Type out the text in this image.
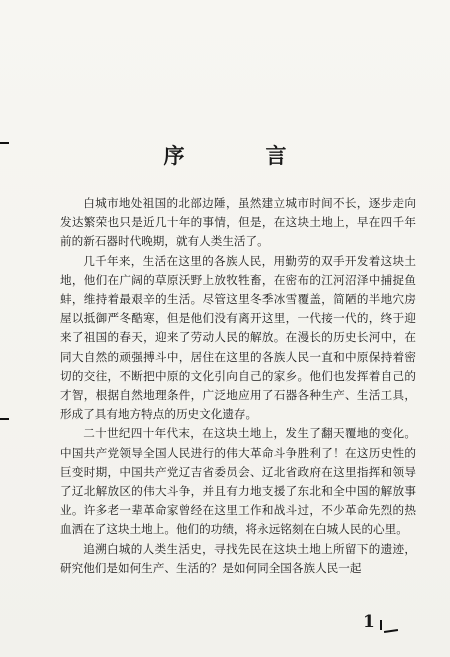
序　言

白城市地处祖国的北部边陲，虽然建立城市时间不长，逐步走向发达繁荣也只是近几十年的事情，但是，在这块土地上，早在四千年前的新石器时代晚期，就有人类生活了。

几千年来，生活在这里的各族人民，用勤劳的双手开发着这块土地，他们在广阔的草原沃野上放牧牲畜，在密布的江河沼泽中捕捉鱼蚌，维持着最艰辛的生活。尽管这里冬季冰雪覆盖，简陋的半地穴房屋以抵御严冬酷寒，但是他们没有离开这里，一代接一代的，终于迎来了祖国的春天，迎来了劳动人民的解放。在漫长的历史长河中，在同大自然的顽强搏斗中，居住在这里的各族人民一直和中原保持着密切的交往，不断把中原的文化引向自己的家乡。他们也发挥着自己的才智，根据自然地理条件，广泛地应用了石器各种生产、生活工具，形成了具有地方特点的历史文化遗存。

二十世纪四十年代末，在这块土地上，发生了翻天覆地的变化。中国共产党领导全国人民进行的伟大革命斗争胜利了！在这历史性的巨变时期，中国共产党辽吉省委员会、辽北省政府在这里指挥和领导了辽北解放区的伟大斗争，并且有力地支援了东北和全中国的解放事业。许多老一辈革命家曾经在这里工作和战斗过，不少革命先烈的热血洒在了这块土地上。他们的功绩，将永远铭刻在白城人民的心里。

追溯白城的人类生活史，寻找先民在这块土地上所留下的遗迹，研究他们是如何生产、生活的？是如何同全国各族人民一起

1
